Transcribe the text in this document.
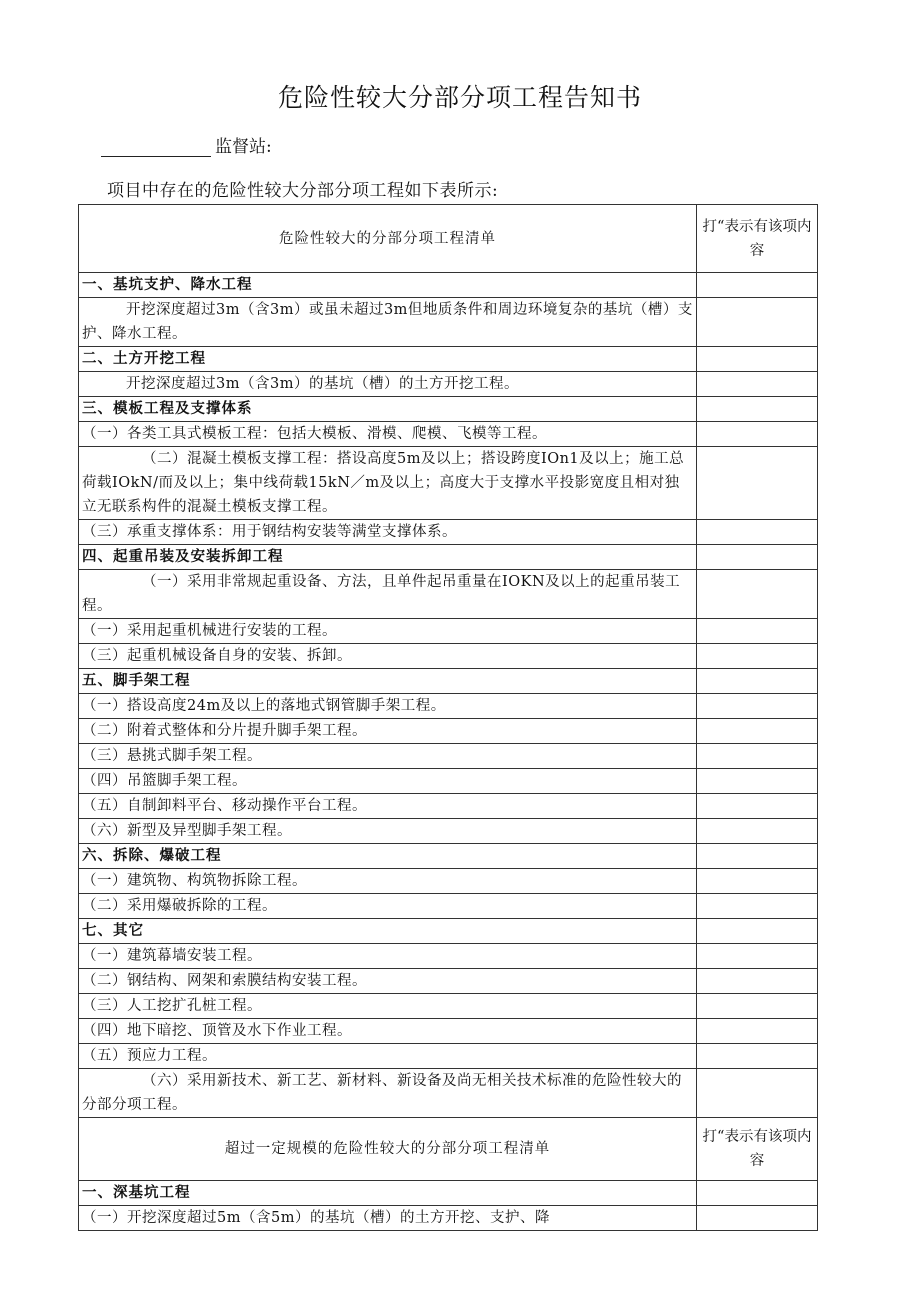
危险性较大分部分项工程告知书
监督站:
项目中存在的危险性较大分部分项工程如下表所示:
危险性较大的分部分项工程清单	打“表示有该项内容
一、基坑支护、降水工程	
开挖深度超过3m（含3m）或虽未超过3m但地质条件和周边环境复杂的基坑（槽）支护、降水工程。	
二、土方开挖工程	
开挖深度超过3m（含3m）的基坑（槽）的土方开挖工程。	
三、模板工程及支撑体系	
（一）各类工具式模板工程：包括大模板、滑模、爬模、飞模等工程。	
（二）混凝土模板支撑工程：搭设高度5m及以上；搭设跨度IOn1及以上；施工总荷载IOkN/而及以上；集中线荷载15kN／m及以上；高度大于支撑水平投影宽度且相对独立无联系构件的混凝土模板支撑工程。	
（三）承重支撑体系：用于钢结构安装等满堂支撑体系。	
四、起重吊装及安装拆卸工程	
（一）采用非常规起重设备、方法，且单件起吊重量在IOKN及以上的起重吊装工程。	
（一）采用起重机械进行安装的工程。	
（三）起重机械设备自身的安装、拆卸。	
五、脚手架工程	
（一）搭设高度24m及以上的落地式钢管脚手架工程。	
（二）附着式整体和分片提升脚手架工程。	
（三）悬挑式脚手架工程。	
（四）吊篮脚手架工程。	
（五）自制卸料平台、移动操作平台工程。	
（六）新型及异型脚手架工程。	
六、拆除、爆破工程	
（一）建筑物、构筑物拆除工程。	
（二）采用爆破拆除的工程。	
七、其它	
（一）建筑幕墙安装工程。	
（二）钢结构、网架和索膜结构安装工程。	
（三）人工挖扩孔桩工程。	
（四）地下暗挖、顶管及水下作业工程。	
（五）预应力工程。	
（六）采用新技术、新工艺、新材料、新设备及尚无相关技术标准的危险性较大的分部分项工程。	
超过一定规模的危险性较大的分部分项工程清单	打“表示有该项内容
一、深基坑工程	
（一）开挖深度超过5m（含5m）的基坑（槽）的土方开挖、支护、降	
